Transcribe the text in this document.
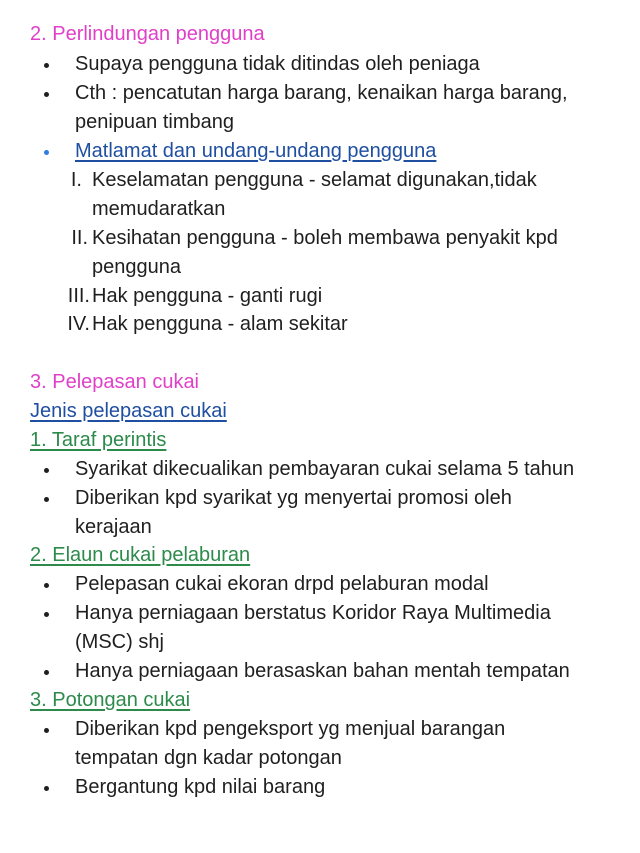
2. Perlindungan pengguna
Supaya pengguna tidak ditindas oleh peniaga
Cth : pencatutan harga barang, kenaikan harga barang,
penipuan timbang
Matlamat dan undang-undang pengguna
I. Keselamatan pengguna - selamat digunakan,tidak
memudaratkan
II. Kesihatan pengguna - boleh membawa penyakit kpd
pengguna
III. Hak pengguna - ganti rugi
IV. Hak pengguna - alam sekitar
3. Pelepasan cukai
Jenis pelepasan cukai
1. Taraf perintis
Syarikat dikecualikan pembayaran cukai selama 5 tahun
Diberikan kpd syarikat yg menyertai promosi oleh
kerajaan
2. Elaun cukai pelaburan
Pelepasan cukai ekoran drpd pelaburan modal
Hanya perniagaan berstatus Koridor Raya Multimedia
(MSC) shj
Hanya perniagaan berasaskan bahan mentah tempatan
3. Potongan cukai
Diberikan kpd pengeksport yg menjual barangan
tempatan dgn kadar potongan
Bergantung kpd nilai barang
